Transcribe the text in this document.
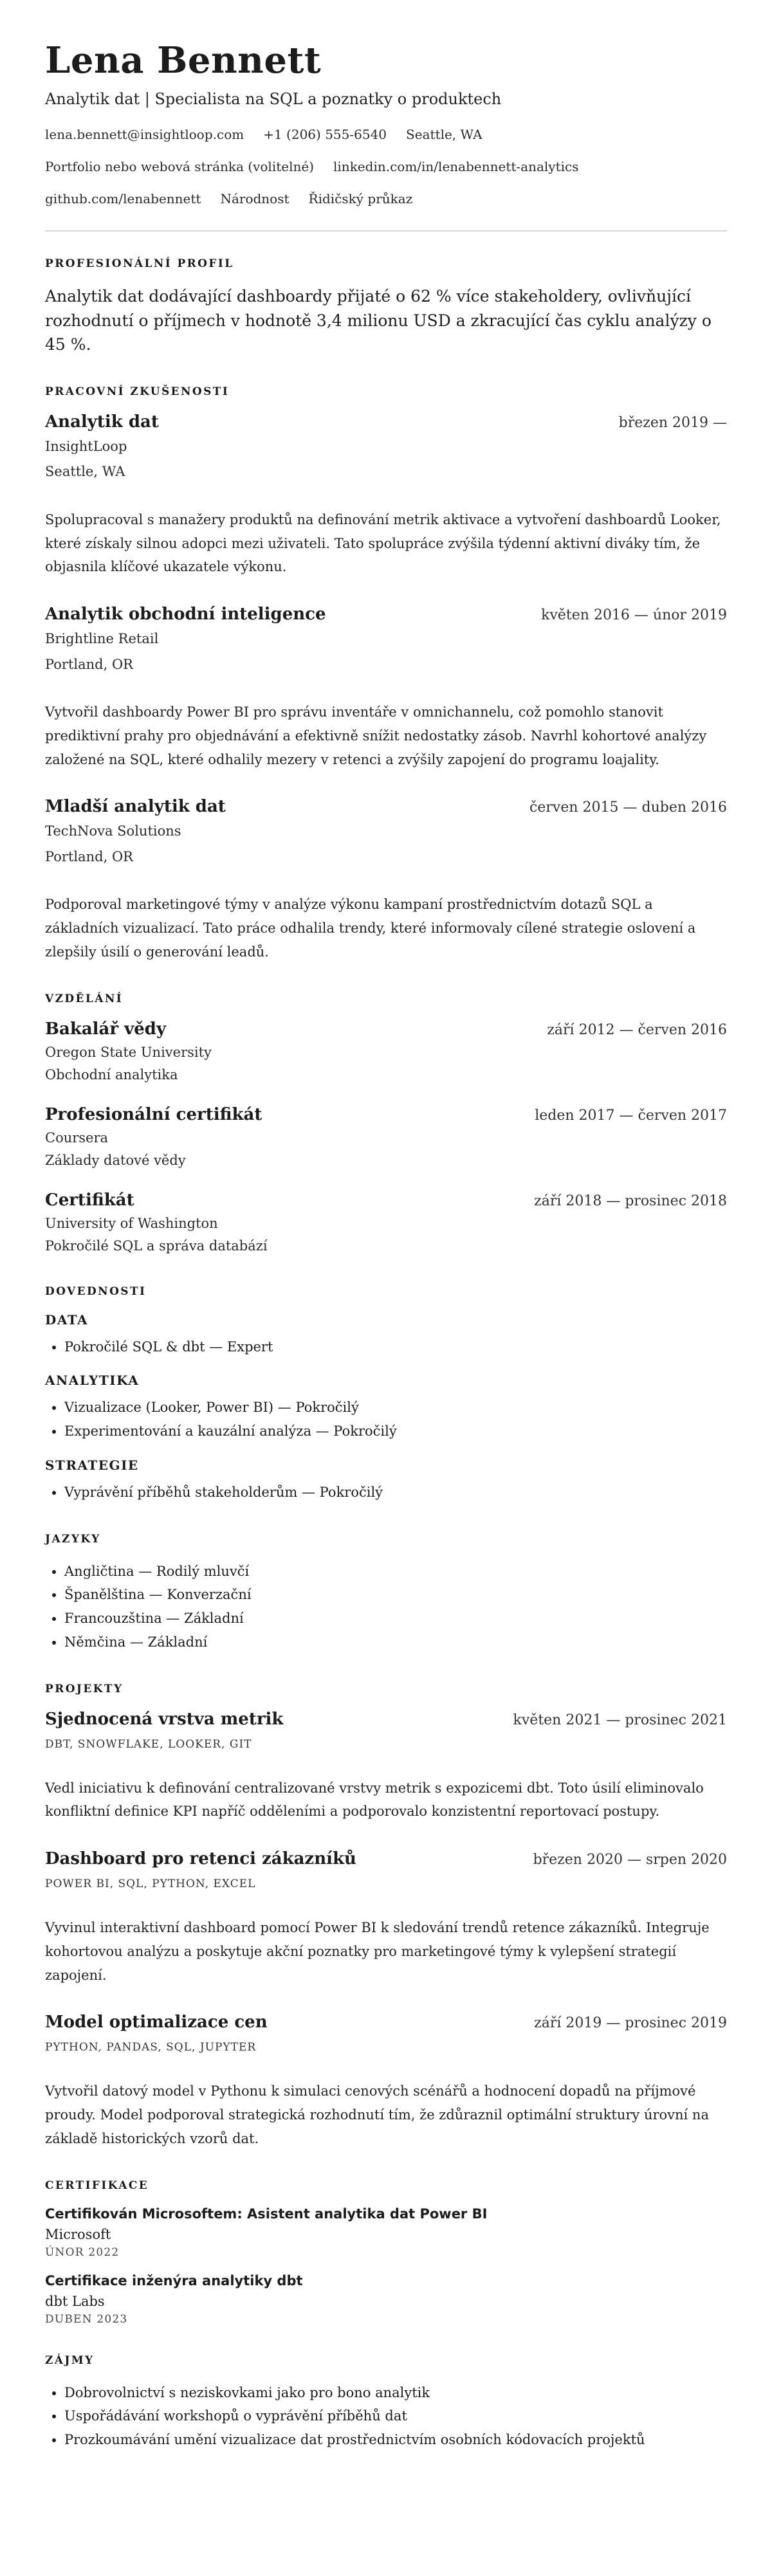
Lena Bennett
Analytik dat | Specialista na SQL a poznatky o produktech
lena.bennett@insightloop.com +1 (206) 555-6540 Seattle, WA
Portfolio nebo webová stránka (volitelné) linkedin.com/in/lenabennett-analytics
github.com/lenabennett Národnost Řidičský průkaz
PROFESIONÁLNÍ PROFIL

Analytik dat dodávající dashboardy přijaté o 62 % více stakeholdery, ovlivňující rozhodnutí o příjmech v hodnotě 3,4 milionu USD a zkracující čas cyklu analýzy o 45 %.

PRACOVNÍ ZKUŠENOSTI
Analytik dat	březen 2019 —
InsightLoop
Seattle, WA

Spolupracoval s manažery produktů na definování metrik aktivace a vytvoření dashboardů Looker, které získaly silnou adopci mezi uživateli. Tato spolupráce zvýšila týdenní aktivní diváky tím, že objasnila klíčové ukazatele výkonu.

Analytik obchodní inteligence	květen 2016 — únor 2019
Brightline Retail
Portland, OR

Vytvořil dashboardy Power BI pro správu inventáře v omnichannelu, což pomohlo stanovit prediktivní prahy pro objednávání a efektivně snížit nedostatky zásob. Navrhl kohortové analýzy založené na SQL, které odhalily mezery v retenci a zvýšily zapojení do programu loajality.

Mladší analytik dat	červen 2015 — duben 2016
TechNova Solutions
Portland, OR

Podporoval marketingové týmy v analýze výkonu kampaní prostřednictvím dotazů SQL a základních vizualizací. Tato práce odhalila trendy, které informovaly cílené strategie oslovení a zlepšily úsilí o generování leadů.

VZDĚLÁNÍ
Bakalář vědy	září 2012 — červen 2016
Oregon State University
Obchodní analytika
Profesionální certifikát	leden 2017 — červen 2017
Coursera
Základy datové vědy
Certifikát	září 2018 — prosinec 2018
University of Washington
Pokročilé SQL a správa databází
DOVEDNOSTI
DATA
• Pokročilé SQL & dbt — Expert
ANALYTIKA
• Vizualizace (Looker, Power BI) — Pokročilý
• Experimentování a kauzální analýza — Pokročilý
STRATEGIE
• Vyprávění příběhů stakeholderům — Pokročilý
JAZYKY
• Angličtina — Rodilý mluvčí
• Španělština — Konverzační
• Francouzština — Základní
• Němčina — Základní
PROJEKTY
Sjednocená vrstva metrik	květen 2021 — prosinec 2021
DBT, SNOWFLAKE, LOOKER, GIT

Vedl iniciativu k definování centralizované vrstvy metrik s expozicemi dbt. Toto úsilí eliminovalo konfliktní definice KPI napříč odděleními a podporovalo konzistentní reportovací postupy.

Dashboard pro retenci zákazníků	březen 2020 — srpen 2020
POWER BI, SQL, PYTHON, EXCEL

Vyvinul interaktivní dashboard pomocí Power BI k sledování trendů retence zákazníků. Integruje kohortovou analýzu a poskytuje akční poznatky pro marketingové týmy k vylepšení strategií zapojení.

Model optimalizace cen	září 2019 — prosinec 2019
PYTHON, PANDAS, SQL, JUPYTER

Vytvořil datový model v Pythonu k simulaci cenových scénářů a hodnocení dopadů na příjmové proudy. Model podporoval strategická rozhodnutí tím, že zdůraznil optimální struktury úrovní na základě historických vzorů dat.

CERTIFIKACE
Certifikován Microsoftem: Asistent analytika dat Power BI
Microsoft
ÚNOR 2022
Certifikace inženýra analytiky dbt
dbt Labs
DUBEN 2023
ZÁJMY
• Dobrovolnictví s neziskovkami jako pro bono analytik
• Uspořádávání workshopů o vyprávění příběhů dat
• Prozkoumávání umění vizualizace dat prostřednictvím osobních kódovacích projektů
